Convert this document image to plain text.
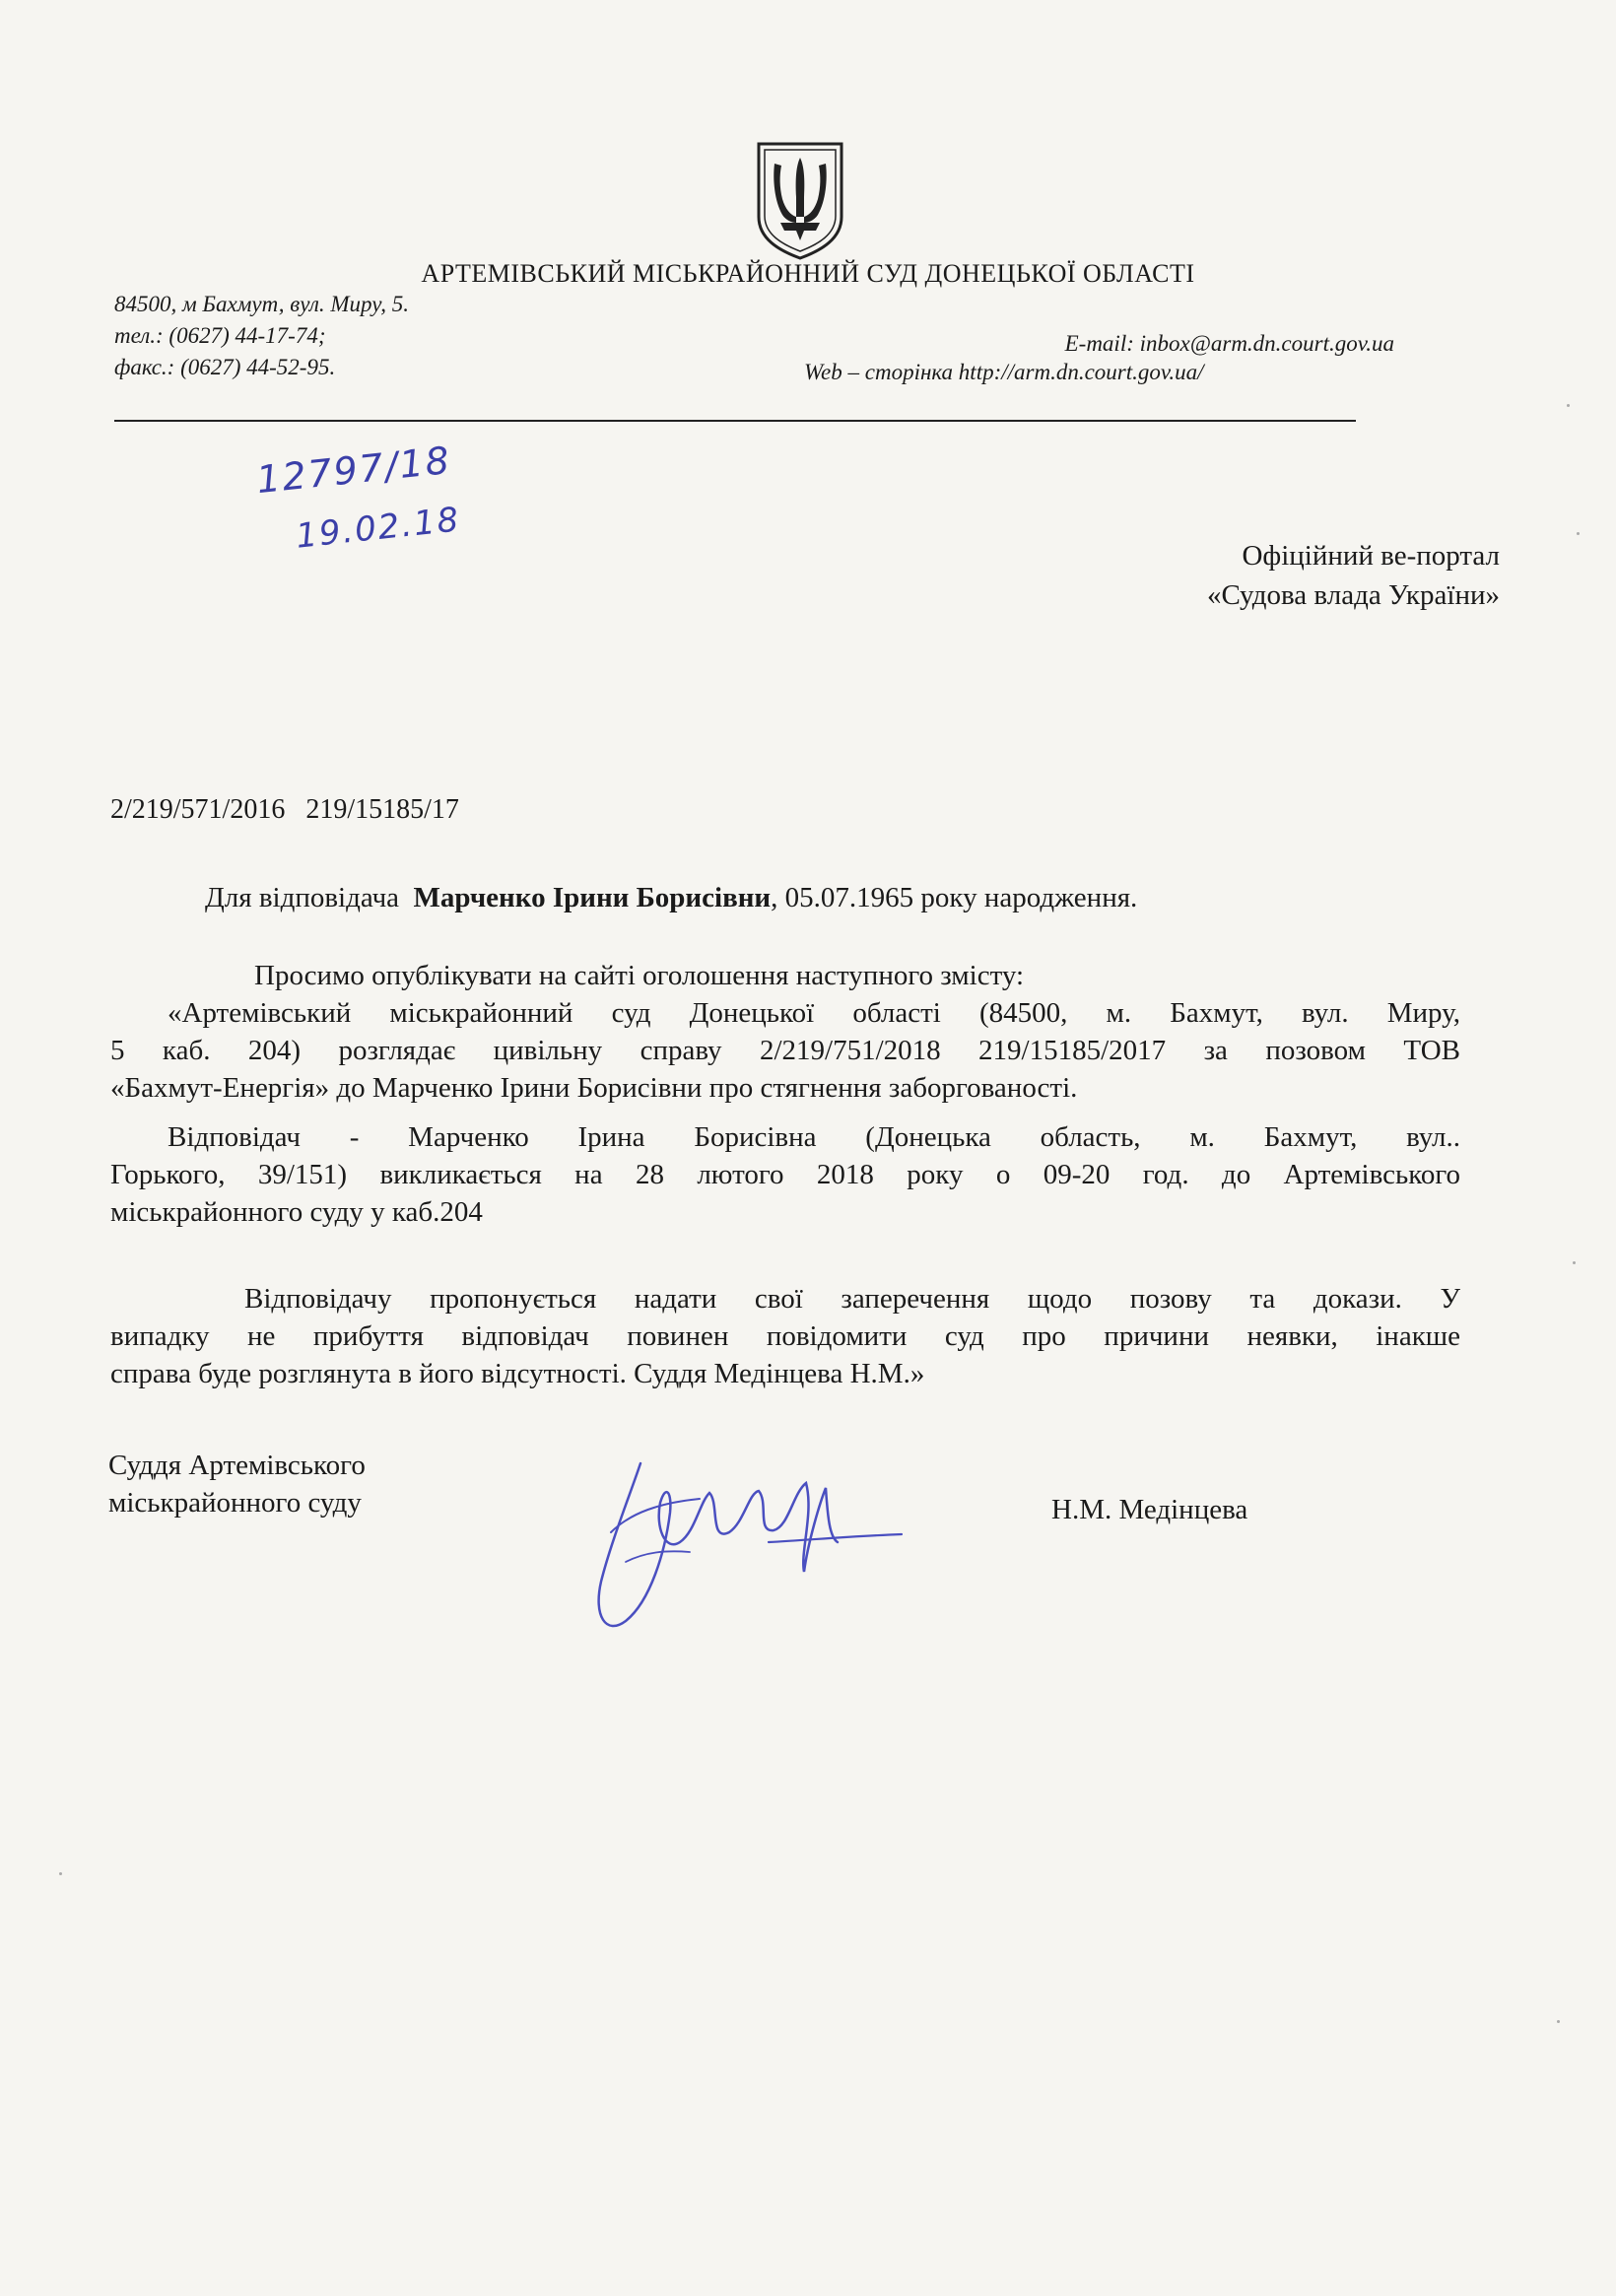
АРТЕМІВСЬКИЙ МІСЬКРАЙОННИЙ СУД ДОНЕЦЬКОЇ ОБЛАСТІ
84500, м Бахмут, вул. Миру, 5.
тел.: (0627) 44-17-74;
факс.: (0627) 44-52-95.
E-mail: inbox@arm.dn.court.gov.ua
Web – сторінка http://arm.dn.court.gov.ua/
12797/18
19.02.18	Офіційний ве-портал
«Судова влада України»
2/219/571/2016   219/15185/17
Для відповідача Марченко Ірини Борисівни, 05.07.1965 року народження.
Просимо опублікувати на сайті оголошення наступного змісту:
«Артемівський міськрайонний суд Донецької області (84500, м. Бахмут, вул. Миру,
5 каб. 204) розглядає цивільну справу 2/219/751/2018 219/15185/2017 за позовом ТОВ
«Бахмут-Енергія» до Марченко Ірини Борисівни про стягнення заборгованості.
Відповідач - Марченко Ірина Борисівна (Донецька область, м. Бахмут, вул..
Горького, 39/151) викликається на 28 лютого 2018 року о 09-20 год. до Артемівського
міськрайонного суду у каб.204
Відповідачу пропонується надати свої заперечення щодо позову та докази. У
випадку не прибуття відповідач повинен повідомити суд про причини неявки, інакше
справа буде розглянута в його відсутності. Суддя Медінцева Н.М.»
Суддя Артемівського
міськрайонного суду	Н.М. Медінцева
